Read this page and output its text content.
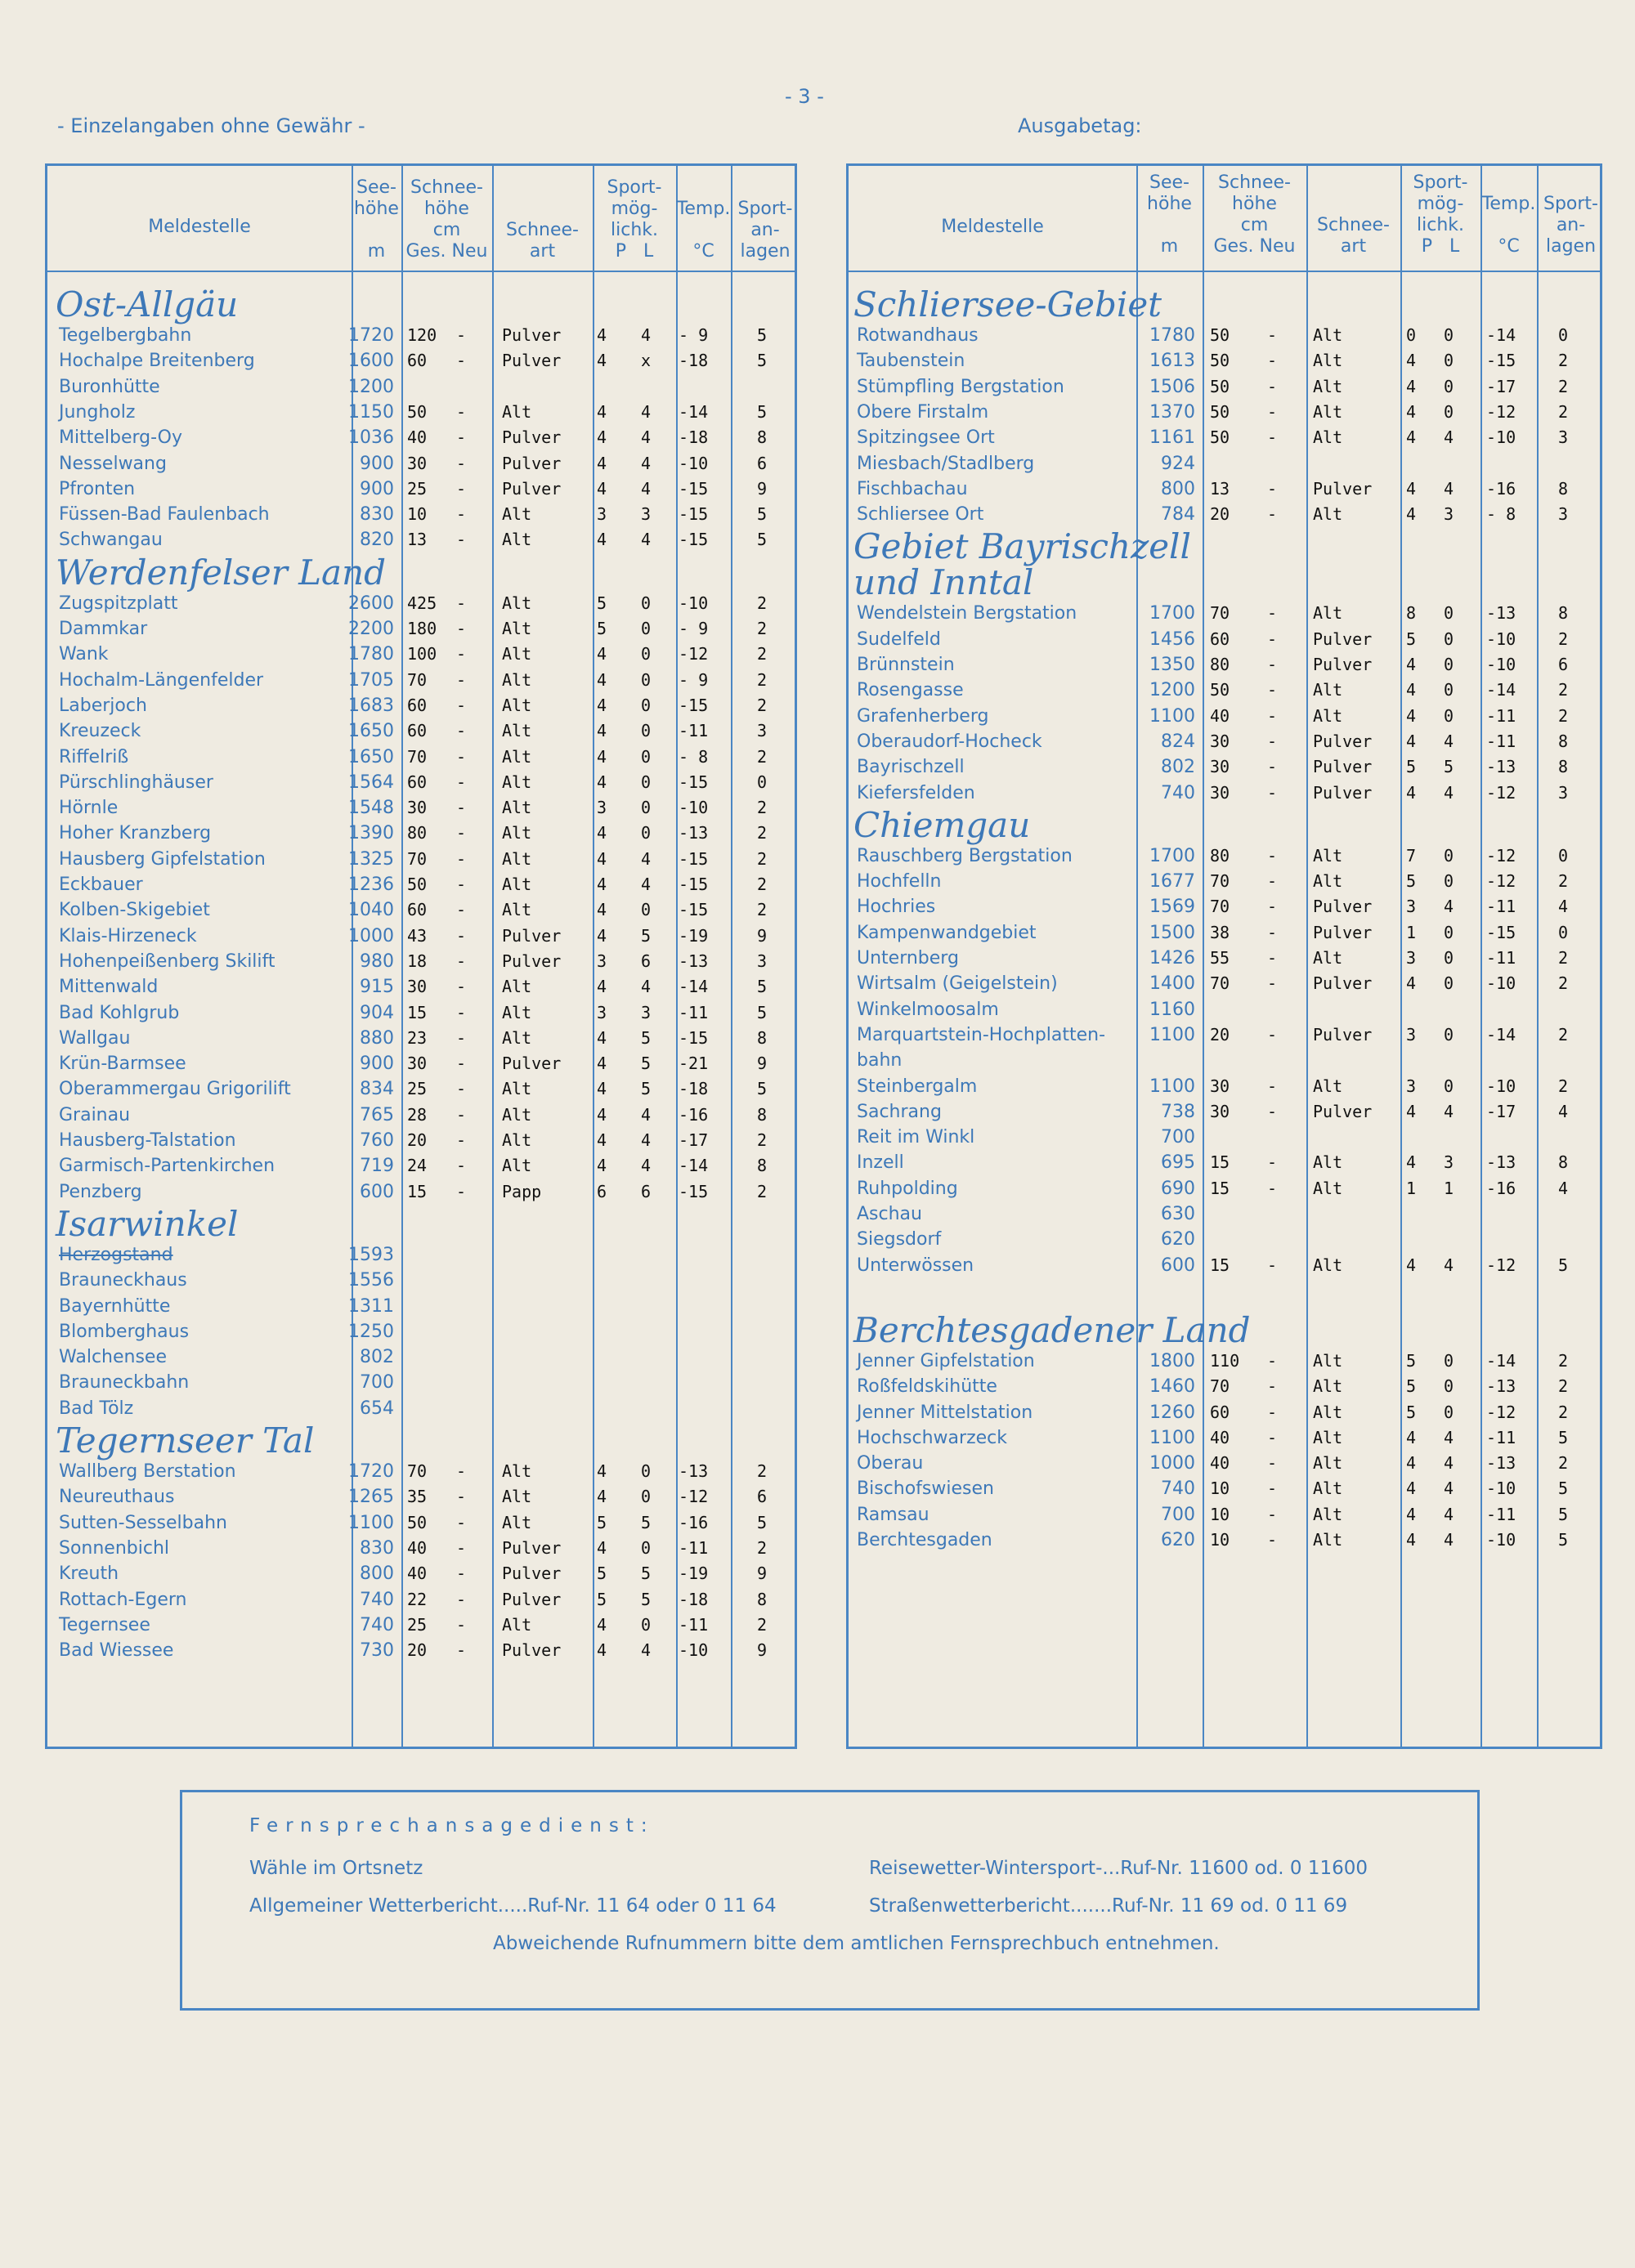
- 3 -
- Einzelangaben ohne Gewähr -	Ausgabetag:
Meldestelle
See-
höhe
m
Schnee-
höhe
cm
Ges. Neu
Schnee-
art
Sport-
mög-
lichk.
P L
Temp.
°C
Sport-
an-
lagen
Ost-Allgäu
Tegelbergbahn	1720 120 - Pulver 4 4 - 9	5
Hochalpe Breitenberg	1600 60 - Pulver 4 x -18	5
Buronhütte	1200
Jungholz	1150 50 - Alt	4 4 -14	5
Mittelberg-Oy	1036 40 - Pulver 4 4 -18	8
Nesselwang	900 30 - Pulver 4 4 -10	6
Pfronten	900 25 - Pulver 4 4 -15	9
Füssen-Bad Faulenbach	830 10 - Alt	3 3 -15	5
Schwangau	820 13 - Alt	4 4 -15	5
Werdenfelser Land
Zugspitzplatt	2600 425 - Alt	5 0 -10	2
Dammkar	2200 180 - Alt	5 0 - 9	2
Wank	1780 100 - Alt	4 0 -12	2
Hochalm-Längenfelder	1705 70 - Alt	4 0 - 9	2
Laberjoch	1683 60 - Alt	4 0 -15	2
Kreuzeck	1650 60 - Alt	4 0 -11	3
Riffelriß	1650 70 - Alt	4 0 - 8	2
Pürschlinghäuser	1564 60 - Alt	4 0 -15	0
Hörnle	1548 30 - Alt	3 0 -10	2
Hoher Kranzberg	1390 80 - Alt	4 0 -13	2
Hausberg Gipfelstation	1325 70 - Alt	4 4 -15	2
Eckbauer	1236 50 - Alt	4 4 -15	2
Kolben-Skigebiet	1040 60 - Alt	4 0 -15	2
Klais-Hirzeneck	1000 43 - Pulver 4 5 -19	9
Hohenpeißenberg Skilift	980 18 - Pulver 3 6 -13	3
Mittenwald	915 30 - Alt	4 4 -14	5
Bad Kohlgrub	904 15 - Alt	3 3 -11	5
Wallgau	880 23 - Alt	4 5 -15	8
Krün-Barmsee	900 30 - Pulver 4 5 -21	9
Oberammergau Grigorilift	834 25 - Alt	4 5 -18	5
Grainau	765 28 - Alt	4 4 -16	8
Hausberg-Talstation	760 20 - Alt	4 4 -17	2
Garmisch-Partenkirchen	719 24 - Alt	4 4 -14	8
Penzberg	600 15 - Papp	6 6 -15	2
Isarwinkel
Herzogstand	1593
Brauneckhaus	1556
Bayernhütte	1311
Blomberghaus	1250
Walchensee	802
Brauneckbahn	700
Bad Tölz	654
Tegernseer Tal
Wallberg Berstation	1720 70 - Alt	4 0 -13	2
Neureuthaus	1265 35 - Alt	4 0 -12	6
Sutten-Sesselbahn	1100 50 - Alt	5 5 -16	5
Sonnenbichl	830 40 - Pulver 4 0 -11	2
Kreuth	800 40 - Pulver 5 5 -19	9
Rottach-Egern	740 22 - Pulver 5 5 -18	8
Tegernsee	740 25 - Alt	4 0 -11	2
Bad Wiessee	730 20 - Pulver 4 4 -10	9
Meldestelle
See-
höhe
m
Schnee-
höhe
cm
Ges. Neu
Schnee-
art
Sport-
mög-
lichk.
P L
Temp.
°C
Sport-
an-
lagen
Schliersee-Gebiet
Rotwandhaus	1780 50 - Alt	0 0 -14	0
Taubenstein	1613 50 - Alt	4 0 -15	2
Stümpfling Bergstation	1506 50 - Alt	4 0 -17	2
Obere Firstalm	1370 50 - Alt	4 0 -12	2
Spitzingsee Ort	1161 50 - Alt	4 4 -10	3
Miesbach/Stadlberg	924
Fischbachau	800 13 - Pulver 4 4 -16	8
Schliersee Ort	784 20 - Alt	4 3 - 8	3
Gebiet Bayrischzell
und Inntal
Wendelstein Bergstation	1700 70 - Alt	8 0 -13	8
Sudelfeld	1456 60 - Pulver 5 0 -10	2
Brünnstein	1350 80 - Pulver 4 0 -10	6
Rosengasse	1200 50 - Alt	4 0 -14	2
Grafenherberg	1100 40 - Alt	4 0 -11	2
Oberaudorf-Hocheck	824 30 - Pulver 4 4 -11	8
Bayrischzell	802 30 - Pulver 5 5 -13	8
Kiefersfelden	740 30 - Pulver 4 4 -12	3
Chiemgau
Rauschberg Bergstation	1700 80 - Alt	7 0 -12	0
Hochfelln	1677 70 - Alt	5 0 -12	2
Hochries	1569 70 - Pulver 3 4 -11	4
Kampenwandgebiet	1500 38 - Pulver 1 0 -15	0
Unternberg	1426 55 - Alt	3 0 -11	2
Wirtsalm (Geigelstein)	1400 70 - Pulver 4 0 -10	2
Winkelmoosalm	1160
Marquartstein-Hochplatten- 1100 20 - Pulver 3 0 -14	2
bahn
Steinbergalm	1100 30 - Alt	3 0 -10	2
Sachrang	738 30 - Pulver 4 4 -17	4
Reit im Winkl	700
Inzell	695 15 - Alt	4 3 -13	8
Ruhpolding	690 15 - Alt	1 1 -16	4
Aschau	630
Siegsdorf	620
Unterwössen	600 15 - Alt	4 4 -12	5
Berchtesgadener Land
Jenner Gipfelstation	1800 110 - Alt	5 0 -14	2
Roßfeldskihütte	1460 70 - Alt	5 0 -13	2
Jenner Mittelstation	1260 60 - Alt	5 0 -12	2
Hochschwarzeck	1100 40 - Alt	4 4 -11	5
Oberau	1000 40 - Alt	4 4 -13	2
Bischofswiesen	740 10 - Alt	4 4 -10	5
Ramsau	700 10 - Alt	4 4 -11	5
Berchtesgaden	620 10 - Alt	4 4 -10	5
Fernsprechansagedienst:
Wähle im Ortsnetz	Reisewetter-Wintersport-...Ruf-Nr. 11600 od. 0 11600
Allgemeiner Wetterbericht.....Ruf-Nr. 11 64 oder 0 11 64	Straßenwetterbericht.......Ruf-Nr. 11 69 od. 0 11 69
Abweichende Rufnummern bitte dem amtlichen Fernsprechbuch entnehmen.
